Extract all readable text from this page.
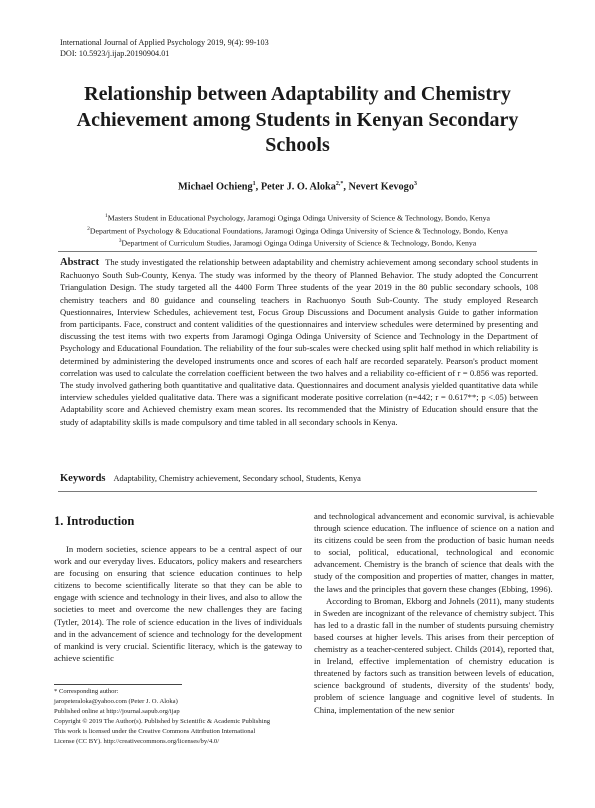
International Journal of Applied Psychology 2019, 9(4): 99-103
DOI: 10.5923/j.ijap.20190904.01
Relationship between Adaptability and Chemistry
Achievement among Students in Kenyan Secondary
Schools
Michael Ochieng$^1$, Peter J. O. Aloka$^{2,*}$, Nevert Kevogo$^3$
$^1$Masters Student in Educational Psychology, Jaramogi Oginga Odinga University of Science & Technology, Bondo, Kenya
$^2$Department of Psychology & Educational Foundations, Jaramogi Oginga Odinga University of Science & Technology, Bondo, Kenya
$^3$Department of Curriculum Studies, Jaramogi Oginga Odinga University of Science & Technology, Bondo, Kenya
Abstract The study investigated the relationship between adaptability and chemistry achievement among secondary school students in Rachuonyo South Sub-County, Kenya. The study was informed by the theory of Planned Behavior. The study adopted the Concurrent Triangulation Design. The study targeted all the 4400 Form Three students of the year 2019 in the 80 public secondary schools, 108 chemistry teachers and 80 guidance and counseling teachers in Rachuonyo South Sub-County. The study employed Research Questionnaires, Interview Schedules, achievement test, Focus Group Discussions and Document analysis Guide to gather information from participants. Face, construct and content validities of the questionnaires and interview schedules were determined by presenting and discussing the test items with two experts from Jaramogi Oginga Odinga University of Science and Technology in the Department of Psychology and Educational Foundation. The reliability of the four sub-scales were checked using split half method in which reliability is determined by administering the developed instruments once and scores of each half are recorded separately. Pearson's product moment correlation was used to calculate the correlation coefficient between the two halves and a reliability co-efficient of r = 0.856 was reported. The study involved gathering both quantitative and qualitative data. Questionnaires and document analysis yielded quantitative data while interview schedules yielded qualitative data. There was a significant moderate positive correlation (n=442; r = 0.617**; p <.05) between Adaptability score and Achieved chemistry exam mean scores. Its recommended that the Ministry of Education should ensure that the study of adaptability skills is made compulsory and time tabled in all secondary schools in Kenya.
Keywords Adaptability, Chemistry achievement, Secondary school, Students, Kenya
1. Introduction

In modern societies, science appears to be a central aspect of our work and our everyday lives. Educators, policy makers and researchers are focusing on ensuring that science education continues to help citizens to become scientifically literate so that they can be able to engage with science and technology in their lives, and also to allow the societies to meet and overcome the new challenges they are facing (Tytler, 2014). The role of science education in the lives of individuals and in the advancement of science and technology for the development of mankind is very crucial. Scientific literacy, which is the gateway to achieve scientific

and technological advancement and economic survival, is achievable through science education. The influence of science on a nation and its citizens could be seen from the production of basic human needs to social, political, educational, technological and economic advancement. Chemistry is the branch of science that deals with the study of the composition and properties of matter, changes in matter, the laws and the principles that govern these changes (Ebbing, 1996).

According to Broman, Ekborg and Johnels (2011), many students in Sweden are incognizant of the relevance of chemistry subject. This has led to a drastic fall in the number of students pursuing chemistry based courses at higher levels. This arises from their perception of chemistry as a teacher-centered subject. Childs (2014), reported that, in Ireland, effective implementation of chemistry education is threatened by factors such as transition between levels of education, science background of students, diversity of the students' body, problem of science language and cognitive level of students. In China, implementation of the new senior

* Corresponding author:
jaropeteraloka@yahoo.com (Peter J. O. Aloka)
Published online at http://journal.sapub.org/ijap
Copyright © 2019 The Author(s). Published by Scientific & Academic Publishing
This work is licensed under the Creative Commons Attribution International
License (CC BY). http://creativecommons.org/licenses/by/4.0/
